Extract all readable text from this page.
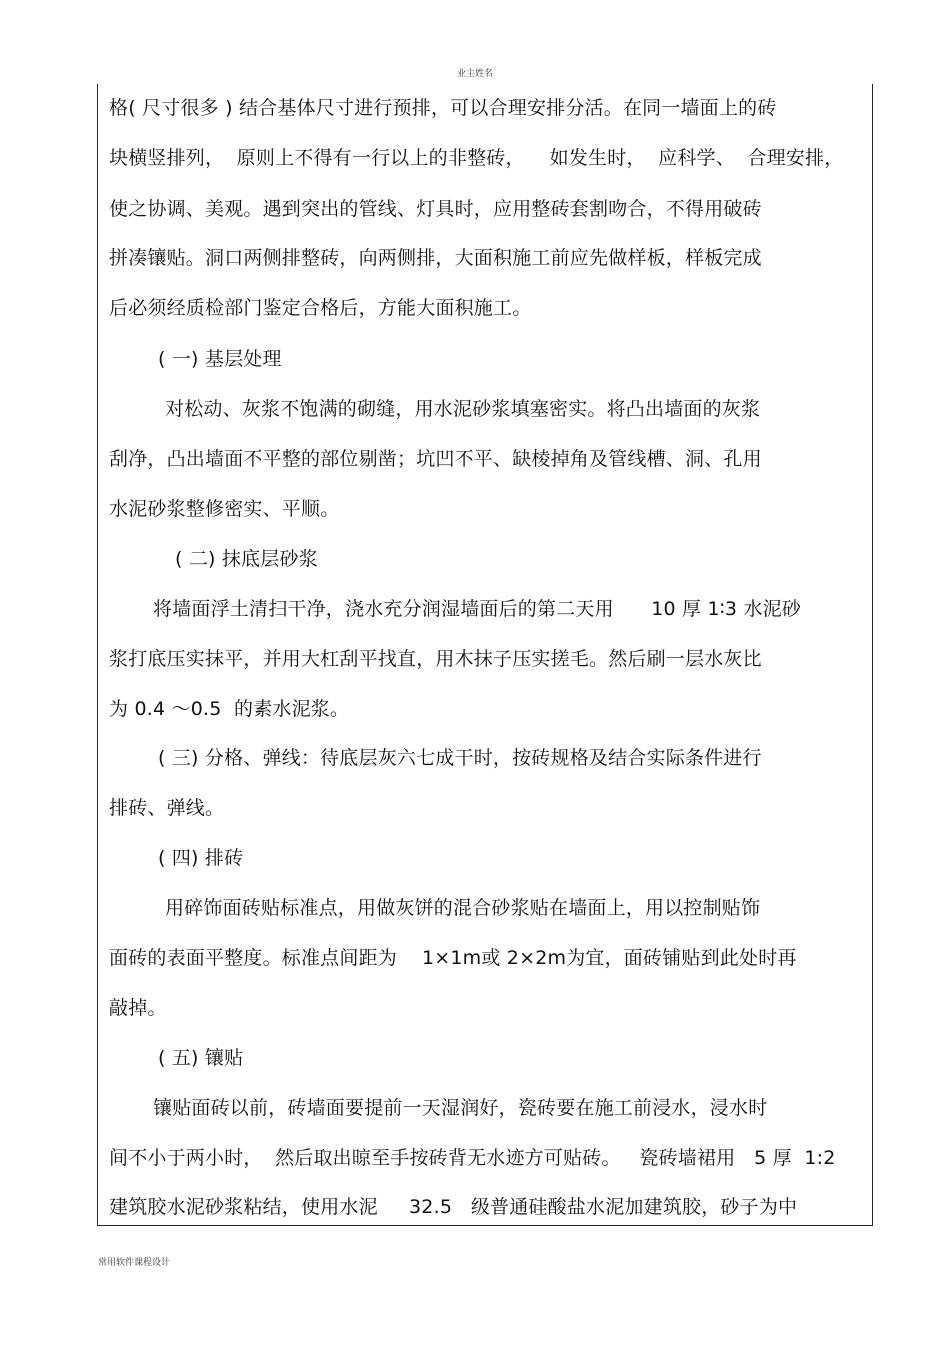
业主姓名
格( 尺寸很多 ) 结合基体尺寸进行预排，可以合理安排分活。在同一墙面上的砖
块横竖排列，  原则上不得有一行以上的非整砖，    如发生时，  应科学、  合理安排，
使之协调、美观。遇到突出的管线、灯具时，应用整砖套割吻合，不得用破砖
拼凑镶贴。洞口两侧排整砖，向两侧排，大面积施工前应先做样板，样板完成
后必须经质检部门鉴定合格后，方能大面积施工。
( 一) 基层处理
对松动、灰浆不饱满的砌缝，用水泥砂浆填塞密实。将凸出墙面的灰浆
刮净，凸出墙面不平整的部位剔凿；坑凹不平、缺棱掉角及管线槽、洞、孔用
水泥砂浆整修密实、平顺。
( 二) 抹底层砂浆
将墙面浮土清扫干净，浇水充分润湿墙面后的第二天用      10 厚 1∶3 水泥砂
浆打底压实抹平，并用大杠刮平找直，用木抹子压实搓毛。然后刷一层水灰比
为 0.4 ～0.5  的素水泥浆。
( 三) 分格、弹线：待底层灰六七成干时，按砖规格及结合实际条件进行
排砖、弹线。
( 四) 排砖
用碎饰面砖贴标准点，用做灰饼的混合砂浆贴在墙面上，用以控制贴饰
面砖的表面平整度。标准点间距为    1×1m或 2×2m为宜，面砖铺贴到此处时再
敲掉。
( 五) 镶贴
镶贴面砖以前，砖墙面要提前一天湿润好，瓷砖要在施工前浸水，浸水时
间不小于两小时，  然后取出晾至手按砖背无水迹方可贴砖。   瓷砖墙裙用   5 厚  1:2
建筑胶水泥砂浆粘结，使用水泥     32.5   级普通硅酸盐水泥加建筑胶，砂子为中
常用软件课程设计
